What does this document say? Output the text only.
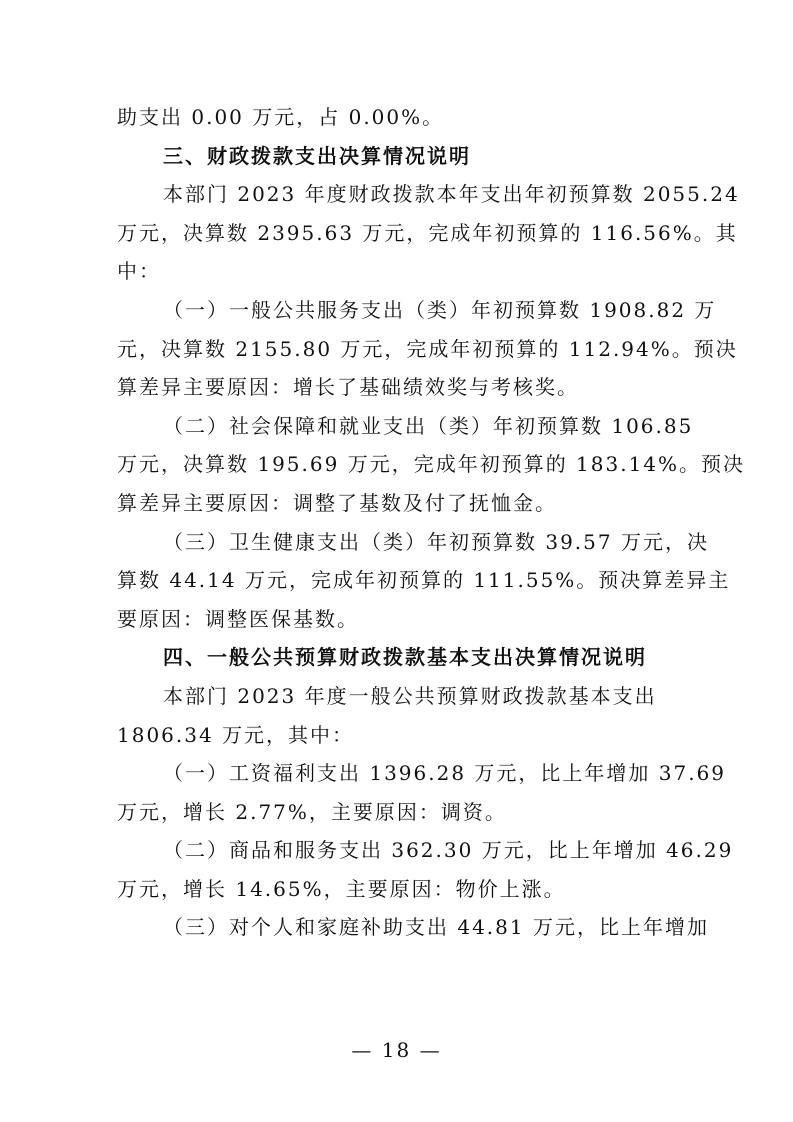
助支出 0.00 万元，占 0.00%。

三、财政拨款支出决算情况说明

本部门 2023 年度财政拨款本年支出年初预算数 2055.24

万元，决算数 2395.63 万元，完成年初预算的 116.56%。其

中：

（一）一般公共服务支出（类）年初预算数 1908.82 万

元，决算数 2155.80 万元，完成年初预算的 112.94%。预决

算差异主要原因：增长了基础绩效奖与考核奖。

（二）社会保障和就业支出（类）年初预算数 106.85

万元，决算数 195.69 万元，完成年初预算的 183.14%。预决

算差异主要原因：调整了基数及付了抚恤金。

（三）卫生健康支出（类）年初预算数 39.57 万元，决

算数 44.14 万元，完成年初预算的 111.55%。预决算差异主

要原因：调整医保基数。

四、一般公共预算财政拨款基本支出决算情况说明

本部门 2023 年度一般公共预算财政拨款基本支出

1806.34 万元，其中：

（一）工资福利支出 1396.28 万元，比上年增加 37.69

万元，增长 2.77%，主要原因：调资。

（二）商品和服务支出 362.30 万元，比上年增加 46.29

万元，增长 14.65%，主要原因：物价上涨。

（三）对个人和家庭补助支出 44.81 万元，比上年增加

— 18 —
